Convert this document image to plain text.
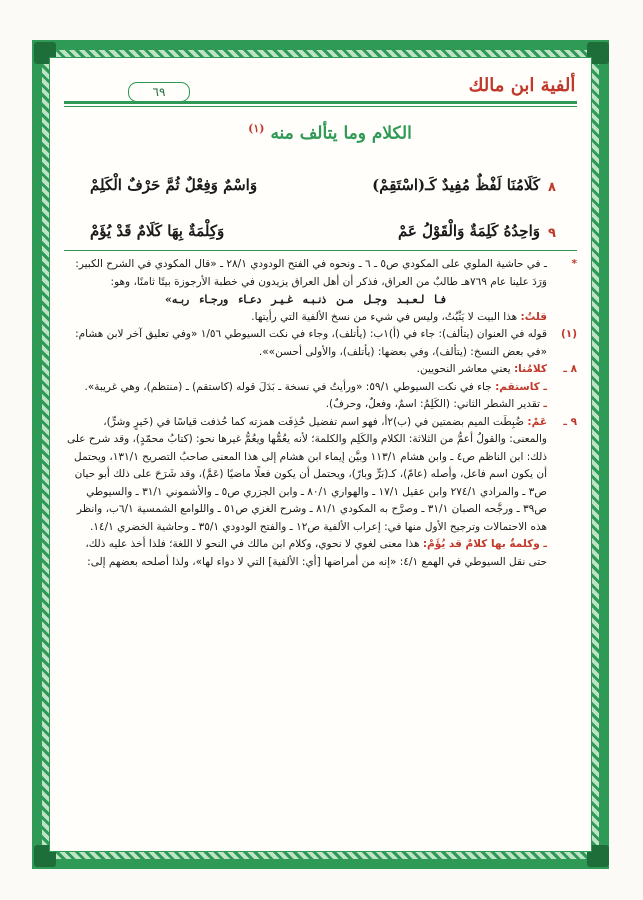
٦٩	ألفية ابن مالك
الكلام وما يتألف منه $^{(١)}$
٨
كَلَامُنَا لَفْظٌ مُفِيدٌ كَـ(اسْتَقِمْ)
وَاسْمٌ وَفِعْلٌ ثُمَّ حَرْفٌ الْكَلِمْ
٩
وَاحِدُهُ كَلِمَةٌ وَالْقَوْلُ عَمْ
وَكِلْمَةٌ بِهَا كَلَامٌ قَدْ يُؤَمْ

*
ـ في حاشية الملوي على المكودي ص٥ ـ ٦ ـ ونحوه في الفتح الودودي ٢٨/١ ـ «قال المكودي في الشرح الكبير: وَرَدَ علينا عام ٧٦٩هـ طالبٌ من العراق، فذكر أن أهل العراق يزيدون في خطبة الأرجوزة بيتًا ثامنًا، وهو:

فـا لـعـبـد وجـل مـن ذنـبـه غـيـر دعـاء ورجـاء ربـه»

قلتُ: هذا البيت لا يَثْبُتُ، وليس في شيء من نسخ الألفية التي رأيتها.

(١)
قوله في العنوان (يتألف): جاء في (أ)١ب: (يأتلف)، وجاء في نكت السيوطي ١/٥٦ «وفي تعليق آخر لابن هشام: «في بعض النسخ: (يتألف)، وفي بعضها: (يأتلف)، والأولى أحسن»».

٨ ـ
كلامُنا: يعني معاشر النحويين.

ـ كاستقم: جاء في نكت السيوطي ٥٩/١: «ورأيتُ في نسخة ـ بَدَلَ قوله (كاستقم) ـ (منتظم)، وهي غريبة».

ـ تقدير الشطر الثاني: (الكَلِمُ: اسمٌ، وفعلٌ، وحرفٌ).

٩ ـ
عَمْ: ضُبِطَت الميم بضمتين في (ب)٢أ، فهو اسم تفضيل حُذِفَت همزته كما حُذفت قياسًا في (خَيرٍ وشرٍّ)، والمعنى: والقولُ أعمُّ من الثلاثة: الكلام والكَلِم والكلمة؛ لأنه يعُمُّها ويعُمُّ غيرها نحو: (كتابُ محمّدٍ)، وقد شرح على ذلك: ابن الناظم ص٤ ـ وابن هشام ١١٣/١ وبيَّن إيماء ابن هشام إلى هذا المعنى صاحبُ التصريح ١٣١/١، ويحتمل أن يكون اسم فاعل، وأصله (عامّ)، كـ(بَرٍّ وبارّ)، ويحتمل أن يكون فعلًا ماضيًا (عَمَّ)، وقد شَرَحَ على ذلك أبو حيان ص٣ ـ والمرادي ٢٧٤/١ وابن عقيل ١٧/١ ـ والهواري ٨٠/١ ـ وابن الجزري ص٥ ـ والأشموني ٣١/١ ـ والسيوطي ص٣٩ ـ ورجَّحه الصبان ٣١/١ ـ وصرَّح به المكودي ٨١/١ ـ وشرح الغزي ص٥١ ـ واللوامع الشمسية ٦/١ب، وانظر هذه الاحتمالات وترجيح الأول منها في: إعراب الألفية ص١٢ ـ والفتح الودودي ٣٥/١ ـ وحاشية الخضري ١٤/١.

ـ وكلمةٌ بها كلامٌ قد يُؤَمْ: هذا معنى لغوي لا نحوي، وكلام ابن مالك في النحو لا اللغة؛ فلذا أخذ عليه ذلك، حتى نقل السيوطي في الهمع ٤/١: «إنه من أمراضها [أي: الألفية] التي لا دواء لها»، ولذا أصلحه بعضهم إلى:
